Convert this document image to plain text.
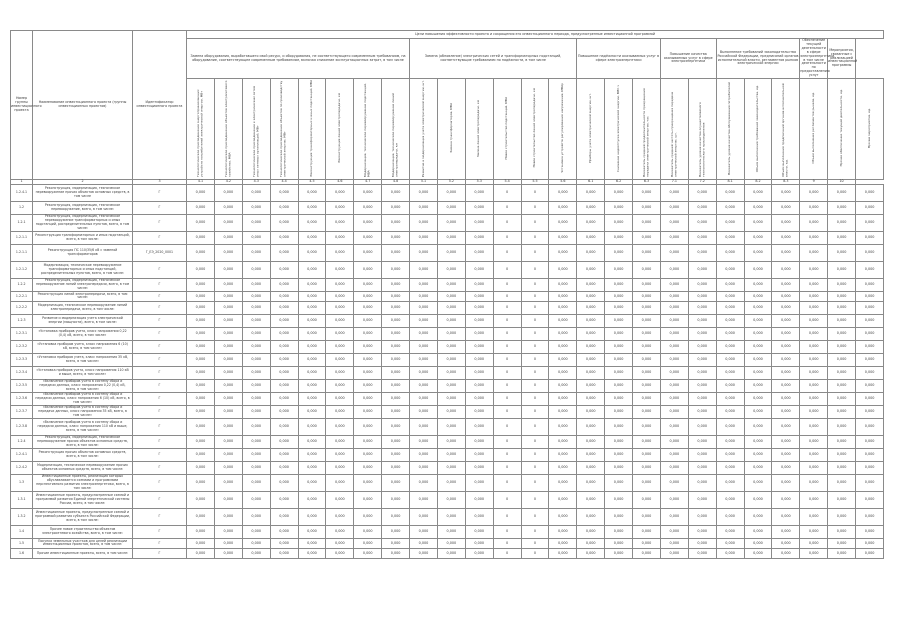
Номер группы инвестиционного проекта	Наименование инвестиционного проекта (группы инвестиционных проектов)	Идентификатор инвестиционного проекта	Цели повышения эффективности проекта и сокращения его инвестиционного периода, предусмотренные инвестиционной программой																								
			Замена оборудования, выработавшего свой ресурс, и оборудования, не соответствующего современным требованиям, на оборудование, соответствующее современным требованиям, включая снижение эксплуатационных затрат, в том числе								Замена (обновление) электрических сетей и трансформаторных подстанций, соответствующие требованиям по надёжности, в том числе						Повышение надёжности оказываемых услуг в сфере электроэнергетики			Повышение качества оказываемых услуг в сфере электроэнергетики		Выполнение требований законодательства Российской Федерации, предписаний органов исполнительной власти, регламентов рынков электрической энергии			Обеспечение текущей деятельности в сфере электроэнергетики, в том числе деятельности по предоставлению услуг	Мероприятия, связанные с реализацией инвестиционной программы	
			Технологическое присоединение энергопринимающих устройств потребителей электрической энергии, МВт	Технологическое присоединение объектов электросетевого хозяйства, МВА	Технологическое присоединение к электрическим сетям иных сетевых организаций, МВт	Технологическое присоединение объектов по производству электрической энергии, МВт	Реконструкция трансформаторных и иных подстанций, МВА	Реконструкция линий электропередачи, км	Модернизация, техническое перевооружение подстанций, МВА	Модернизация, техническое перевооружение линий электропередачи, км	Развитие и модернизация учета электрической энергии, шт.	Замена трансформаторов, МВА	Замена линий электропередачи, км	Новое строительство подстанций, МВА	Новое строительство линий электропередачи, км	Установка устройств регулирования напряжения, МВАр	Приборы учета электрической энергии, шт.	Снижение недоотпуска электрической энергии, МВт·ч	Показатель средней продолжительности прекращения передачи электрической энергии, час	Показатель средней частоты прекращения передачи электрической энергии, шт.	Показатель уровня качества осуществляемого технологического присоединения	Показатель уровня качества обслуживания потребителей	Объем выполнения требований законодательства, ед.	Объем выполнения предписаний органов исполнительной власти, ед.	Объем выполнения регламентов рынков, ед.	Прочее обеспечение текущей деятельности, ед.	Прочие мероприятия, ед.
1	2	3	4.1	4.2	4.3	4.4	4.5	4.6	4.7	4.8	5.1	5.2	5.3	5.4	5.5	5.6	6.1	6.2	6.3	7.1	7.2	8.1	8.2	8.3	9	10	
1.2.4.1	Реконструкция, модернизация, техническое перевооружение прочих объектов основных средств, в том числе	Г	0,000	0,000	0,000	0,000	0,000	0,000	0,000	0,000	0,000	0,000	0,000	0	0	0,000	0,000	0,000	0,000	0,000	0,000	0,000	0,000	0,000	0,000	0,000	0,000
1.2	Реконструкция, модернизация, техническое перевооружение, всего, в том числе:	Г	0,000	0,000	0,000	0,000	0,000	0,000	0,000	0,000	0,000	0,000	0,000	0	0	0,000	0,000	0,000	0,000	0,000	0,000	0,000	0,000	0,000	0,000	0,000	0,000
1.2.1	Реконструкция, модернизация, техническое перевооружение трансформаторных и иных подстанций, распределительных пунктов, всего, в том числе:	Г	0,000	0,000	0,000	0,000	0,000	0,000	0,000	0,000	0,000	0,000	0,000	0	0	0,000	0,000	0,000	0,000	0,000	0,000	0,000	0,000	0,000	0,000	0,000	0,000
1.2.1.1	Реконструкция трансформаторных и иных подстанций, всего, в том числе:	Г	0,000	0,000	0,000	0,000	0,000	0,000	0,000	0,000	0,000	0,000	0,000	0	0	0,000	0,000	0,000	0,000	0,000	0,000	0,000	0,000	0,000	0,000	0,000	0,000
1.2.1.1	Реконструкция ПС 110/35/6 кВ с заменой трансформаторов	Г_ЕЭ_2020_0001	0,000	0,000	0,000	0,000	0,000	0,000	0,000	0,000	0,000	0,000	0,000	0	0	0,000	0,000	0,000	0,000	0,000	0,000	0,000	0,000	0,000	0,000	0,000	0,000
1.2.1.2	Модернизация, техническое перевооружение трансформаторных и иных подстанций, распределительных пунктов, всего, в том числе:	Г	0,000	0,000	0,000	0,000	0,000	0,000	0,000	0,000	0,000	0,000	0,000	0	0	0,000	0,000	0,000	0,000	0,000	0,000	0,000	0,000	0,000	0,000	0,000	0,000
1.2.2	Реконструкция, модернизация, техническое перевооружение линий электропередачи, всего, в том числе:	Г	0,000	0,000	0,000	0,000	0,000	0,000	0,000	0,000	0,000	0,000	0,000	0	0	0,000	0,000	0,000	0,000	0,000	0,000	0,000	0,000	0,000	0,000	0,000	0,000
1.2.2.1	Реконструкция линий электропередачи, всего, в том числе:	Г	0,000	0,000	0,000	0,000	0,000	0,000	0,000	0,000	0,000	0,000	0,000	0	0	0,000	0,000	0,000	0,000	0,000	0,000	0,000	0,000	0,000	0,000	0,000	0,000
1.2.2.2	Модернизация, техническое перевооружение линий электропередачи, всего, в том числе:	Г	0,000	0,000	0,000	0,000	0,000	0,000	0,000	0,000	0,000	0,000	0,000	0	0	0,000	0,000	0,000	0,000	0,000	0,000	0,000	0,000	0,000	0,000	0,000	0,000
1.2.3	Развитие и модернизация учета электрической энергии (мощности), всего, в том числе:	Г	0,000	0,000	0,000	0,000	0,000	0,000	0,000	0,000	0,000	0,000	0,000	0	0	0,000	0,000	0,000	0,000	0,000	0,000	0,000	0,000	0,000	0,000	0,000	0,000
1.2.3.1	«Установка приборов учета, класс напряжения 0,22 (0,4) кВ, всего, в том числе»	Г	0,000	0,000	0,000	0,000	0,000	0,000	0,000	0,000	0,000	0,000	0,000	0	0	0,000	0,000	0,000	0,000	0,000	0,000	0,000	0,000	0,000	0,000	0,000	0,000
1.2.3.2	«Установка приборов учета, класс напряжения 6 (10) кВ, всего, в том числе»	Г	0,000	0,000	0,000	0,000	0,000	0,000	0,000	0,000	0,000	0,000	0,000	0	0	0,000	0,000	0,000	0,000	0,000	0,000	0,000	0,000	0,000	0,000	0,000	0,000
1.2.3.3	«Установка приборов учета, класс напряжения 35 кВ, всего, в том числе»	Г	0,000	0,000	0,000	0,000	0,000	0,000	0,000	0,000	0,000	0,000	0,000	0	0	0,000	0,000	0,000	0,000	0,000	0,000	0,000	0,000	0,000	0,000	0,000	0,000
1.2.3.4	«Установка приборов учета, класс напряжения 110 кВ и выше, всего, в том числе»	Г	0,000	0,000	0,000	0,000	0,000	0,000	0,000	0,000	0,000	0,000	0,000	0	0	0,000	0,000	0,000	0,000	0,000	0,000	0,000	0,000	0,000	0,000	0,000	0,000
1.2.3.5	«Включение приборов учета в систему сбора и передачи данных, класс напряжения 0,22 (0,4) кВ, всего, в том числе»	Г	0,000	0,000	0,000	0,000	0,000	0,000	0,000	0,000	0,000	0,000	0,000	0	0	0,000	0,000	0,000	0,000	0,000	0,000	0,000	0,000	0,000	0,000	0,000	0,000
1.2.3.6	«Включение приборов учета в систему сбора и передачи данных, класс напряжения 6 (10) кВ, всего, в том числе»	Г	0,000	0,000	0,000	0,000	0,000	0,000	0,000	0,000	0,000	0,000	0,000	0	0	0,000	0,000	0,000	0,000	0,000	0,000	0,000	0,000	0,000	0,000	0,000	0,000
1.2.3.7	«Включение приборов учета в систему сбора и передачи данных, класс напряжения 35 кВ, всего, в том числе»	Г	0,000	0,000	0,000	0,000	0,000	0,000	0,000	0,000	0,000	0,000	0,000	0	0	0,000	0,000	0,000	0,000	0,000	0,000	0,000	0,000	0,000	0,000	0,000	0,000
1.2.3.8	«Включение приборов учета в систему сбора и передачи данных, класс напряжения 110 кВ и выше, всего, в том числе»	Г	0,000	0,000	0,000	0,000	0,000	0,000	0,000	0,000	0,000	0,000	0,000	0	0	0,000	0,000	0,000	0,000	0,000	0,000	0,000	0,000	0,000	0,000	0,000	0,000
1.2.4	Реконструкция, модернизация, техническое перевооружение прочих объектов основных средств, всего, в том числе:	Г	0,000	0,000	0,000	0,000	0,000	0,000	0,000	0,000	0,000	0,000	0,000	0	0	0,000	0,000	0,000	0,000	0,000	0,000	0,000	0,000	0,000	0,000	0,000	0,000
1.2.4.1	Реконструкция прочих объектов основных средств, всего, в том числе:	Г	0,000	0,000	0,000	0,000	0,000	0,000	0,000	0,000	0,000	0,000	0,000	0	0	0,000	0,000	0,000	0,000	0,000	0,000	0,000	0,000	0,000	0,000	0,000	0,000
1.2.4.2	Модернизация, техническое перевооружение прочих объектов основных средств, всего, в том числе:	Г	0,000	0,000	0,000	0,000	0,000	0,000	0,000	0,000	0,000	0,000	0,000	0	0	0,000	0,000	0,000	0,000	0,000	0,000	0,000	0,000	0,000	0,000	0,000	0,000
1.3	Инвестиционные проекты, реализация которых обуславливается схемами и программами перспективного развития электроэнергетики, всего, в том числе:	Г	0,000	0,000	0,000	0,000	0,000	0,000	0,000	0,000	0,000	0,000	0,000	0	0	0,000	0,000	0,000	0,000	0,000	0,000	0,000	0,000	0,000	0,000	0,000	0,000
1.3.1	Инвестиционные проекты, предусмотренные схемой и программой развития Единой энергетической системы России, всего, в том числе:	Г	0,000	0,000	0,000	0,000	0,000	0,000	0,000	0,000	0,000	0,000	0,000	0	0	0,000	0,000	0,000	0,000	0,000	0,000	0,000	0,000	0,000	0,000	0,000	0,000
1.3.2	Инвестиционные проекты, предусмотренные схемой и программой развития субъекта Российской Федерации, всего, в том числе:	Г	0,000	0,000	0,000	0,000	0,000	0,000	0,000	0,000	0,000	0,000	0,000	0	0	0,000	0,000	0,000	0,000	0,000	0,000	0,000	0,000	0,000	0,000	0,000	0,000
1.4	Прочее новое строительство объектов электросетевого хозяйства, всего, в том числе:	Г	0,000	0,000	0,000	0,000	0,000	0,000	0,000	0,000	0,000	0,000	0,000	0	0	0,000	0,000	0,000	0,000	0,000	0,000	0,000	0,000	0,000	0,000	0,000	0,000
1.5	Покупка земельных участков для целей реализации инвестиционных проектов, всего, в том числе:	Г	0,000	0,000	0,000	0,000	0,000	0,000	0,000	0,000	0,000	0,000	0,000	0	0	0,000	0,000	0,000	0,000	0,000	0,000	0,000	0,000	0,000	0,000	0,000	0,000
1.6	Прочие инвестиционные проекты, всего, в том числе:	Г	0,000	0,000	0,000	0,000	0,000	0,000	0,000	0,000	0,000	0,000	0,000	0	0	0,000	0,000	0,000	0,000	0,000	0,000	0,000	0,000	0,000	0,000	0,000	0,000
